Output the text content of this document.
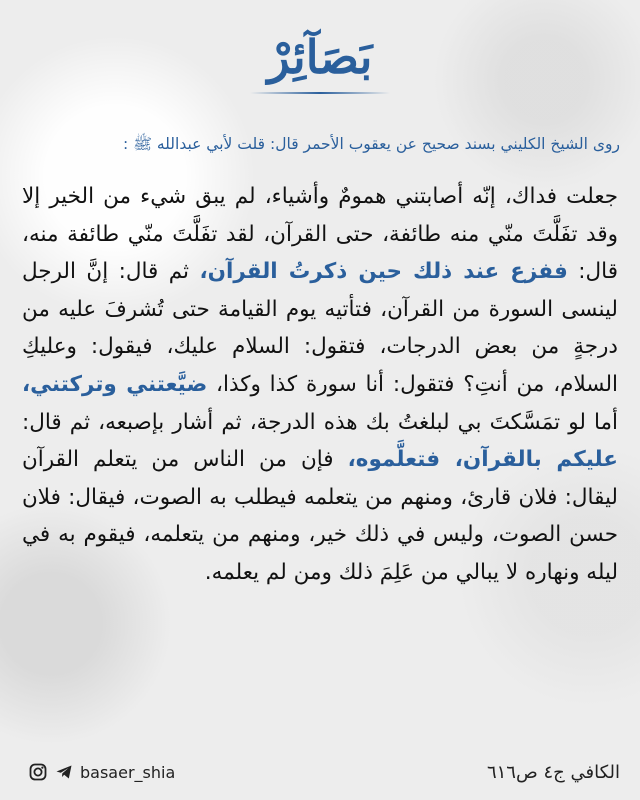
بَصَآئِرْ
روى الشيخ الكليني بسند صحيح عن يعقوب الأحمر قال: قلت لأبي عبدالله ﷺ :
جعلت فداك، إنّه أصابتني همومٌ وأشياء، لم يبق شيء من الخير إلا وقد تفَلَّتَ منّي منه طائفة، حتى القرآن، لقد تفَلَّتَ منّي طائفة منه، قال: ففزع عند ذلك حين ذكرتُ القرآن، ثم قال: إنَّ الرجل لينسى السورة من القرآن، فتأتيه يوم القيامة حتى تُشرفَ عليه من درجةٍ من بعض الدرجات، فتقول: السلام عليك، فيقول: وعليكِ السلام، من أنتِ؟ فتقول: أنا سورة كذا وكذا، ضيَّعتني وتركتني، أما لو تمَسَّكتَ بي لبلغتُ بك هذه الدرجة، ثم أشار بإصبعه، ثم قال: عليكم بالقرآن، فتعلَّموه، فإن من الناس من يتعلم القرآن ليقال: فلان قارئ، ومنهم من يتعلمه فيطلب به الصوت، فيقال: فلان حسن الصوت، وليس في ذلك خير، ومنهم من يتعلمه، فيقوم به في ليله ونهاره لا يبالي من عَلِمَ ذلك ومن لم يعلمه.
basaer_shia	الكافي ج٤ ص٦١٦
